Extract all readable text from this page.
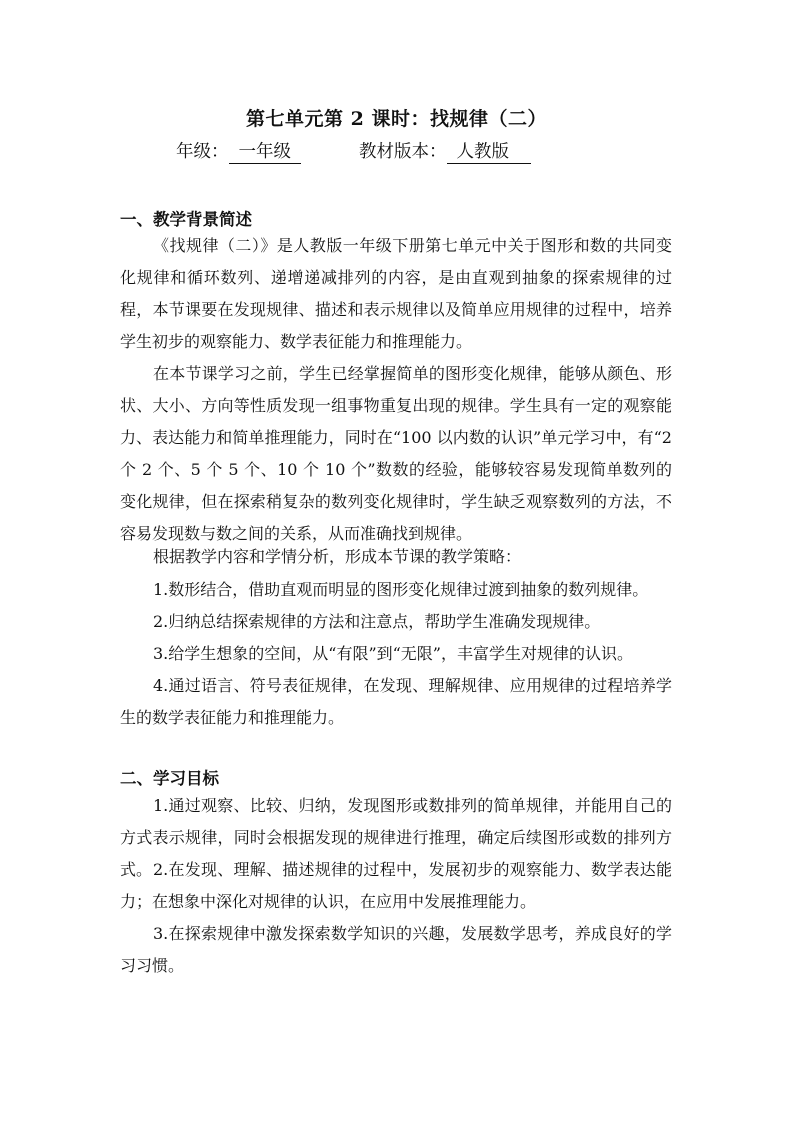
第七单元第 2 课时：找规律（二）
年级： 一年级	教材版本： 人教版
一、教学背景简述

《找规律（二）》是人教版一年级下册第七单元中关于图形和数的共同变化规律和循环数列、递增递减排列的内容，是由直观到抽象的探索规律的过程，本节课要在发现规律、描述和表示规律以及简单应用规律的过程中，培养学生初步的观察能力、数学表征能力和推理能力。

在本节课学习之前，学生已经掌握简单的图形变化规律，能够从颜色、形状、大小、方向等性质发现一组事物重复出现的规律。学生具有一定的观察能力、表达能力和简单推理能力，同时在“100 以内数的认识”单元学习中，有“2 个 2 个、5 个 5 个、10 个 10 个”数数的经验，能够较容易发现简单数列的变化规律，但在探索稍复杂的数列变化规律时，学生缺乏观察数列的方法，不容易发现数与数之间的关系，从而准确找到规律。

根据教学内容和学情分析，形成本节课的教学策略：

1.数形结合，借助直观而明显的图形变化规律过渡到抽象的数列规律。

2.归纳总结探索规律的方法和注意点，帮助学生准确发现规律。

3.给学生想象的空间，从“有限”到“无限”，丰富学生对规律的认识。

4.通过语言、符号表征规律，在发现、理解规律、应用规律的过程培养学生的数学表征能力和推理能力。

二、学习目标

1.通过观察、比较、归纳，发现图形或数排列的简单规律，并能用自己的方式表示规律，同时会根据发现的规律进行推理，确定后续图形或数的排列方式。 2.在发现、理解、描述规律的过程中，发展初步的观察能力、数学表达能力；在想象中深化对规律的认识，在应用中发展推理能力。

3.在探索规律中激发探索数学知识的兴趣，发展数学思考，养成良好的学习习惯。
